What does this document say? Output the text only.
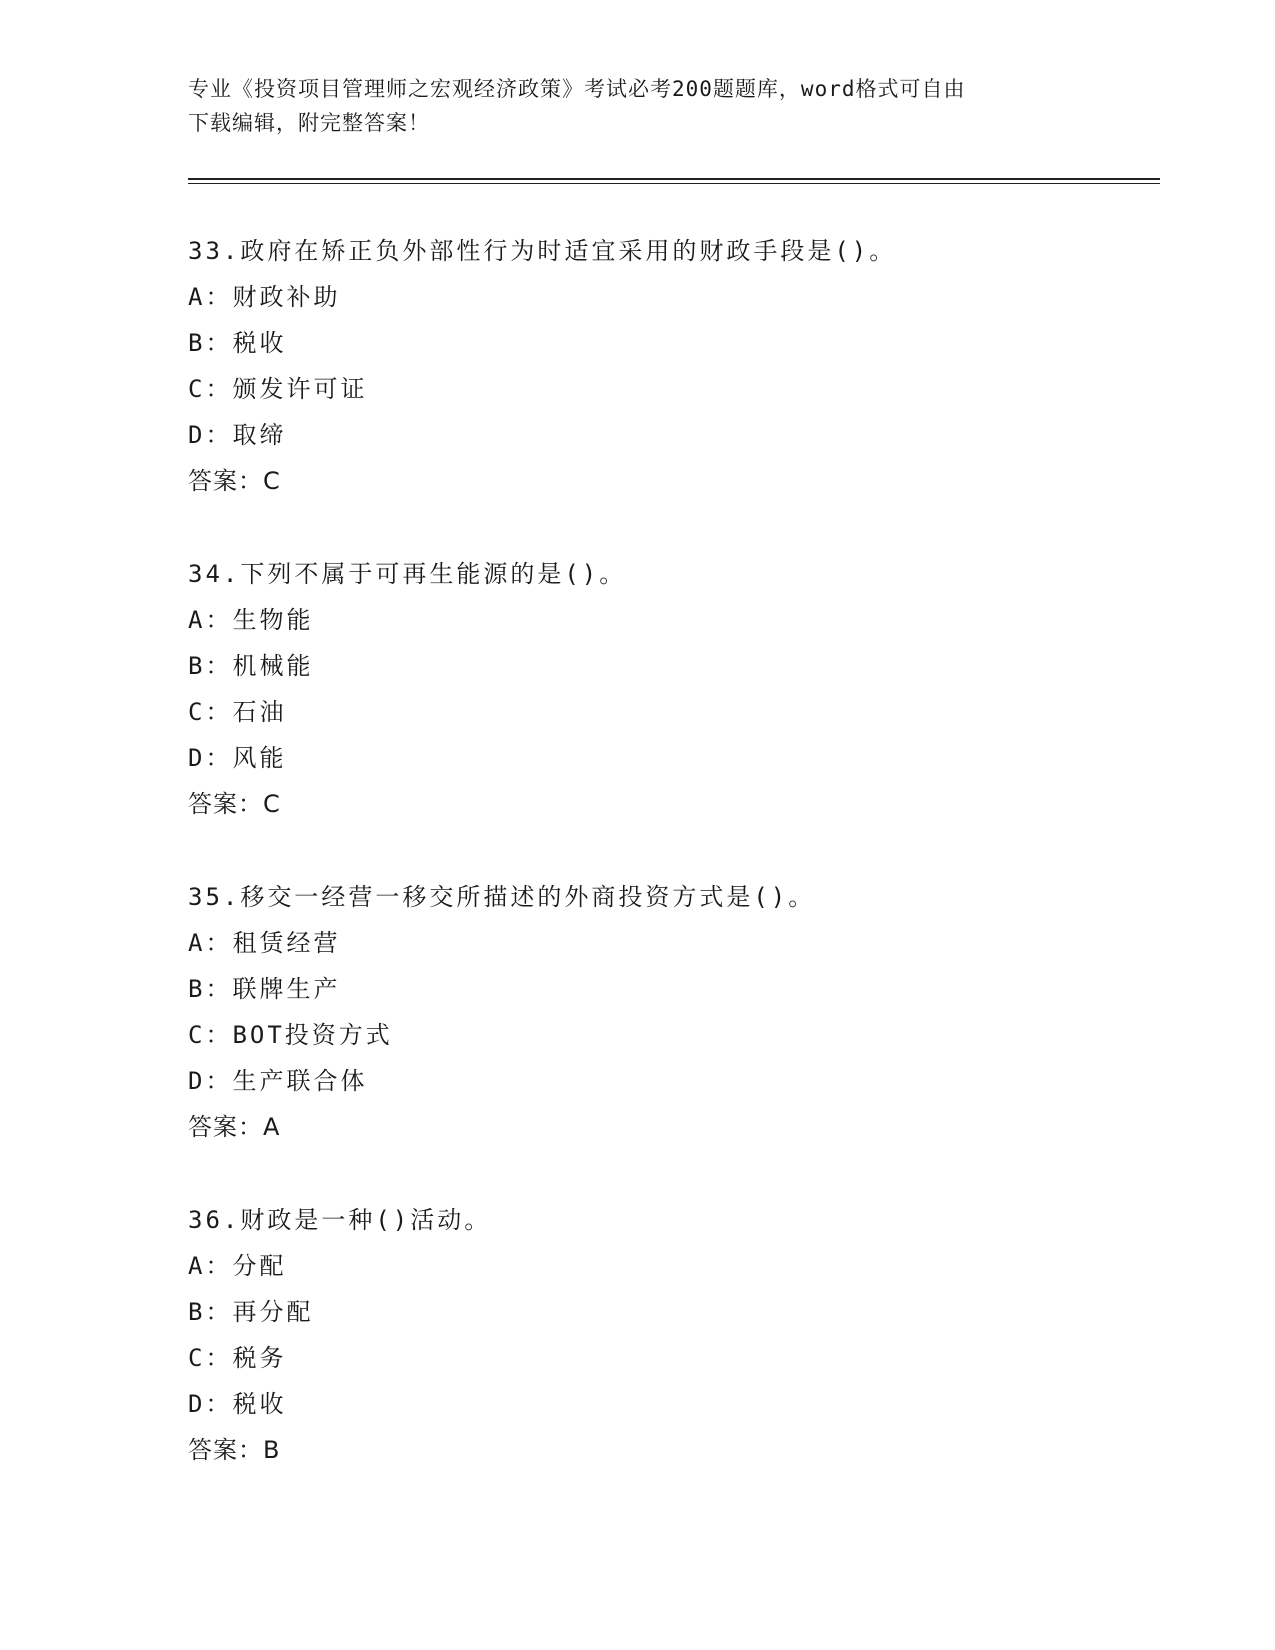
专业《投资项目管理师之宏观经济政策》考试必考200题题库，word格式可自由
下载编辑，附完整答案！
33.政府在矫正负外部性行为时适宜采用的财政手段是()。
A：财政补助
B：税收
C：颁发许可证
D：取缔
答案：C
34.下列不属于可再生能源的是()。
A：生物能
B：机械能
C：石油
D：风能
答案：C
35.移交一经营一移交所描述的外商投资方式是()。
A：租赁经营
B：联牌生产
C：BOT投资方式
D：生产联合体
答案：A
36.财政是一种()活动。
A：分配
B：再分配
C：税务
D：税收
答案：B
